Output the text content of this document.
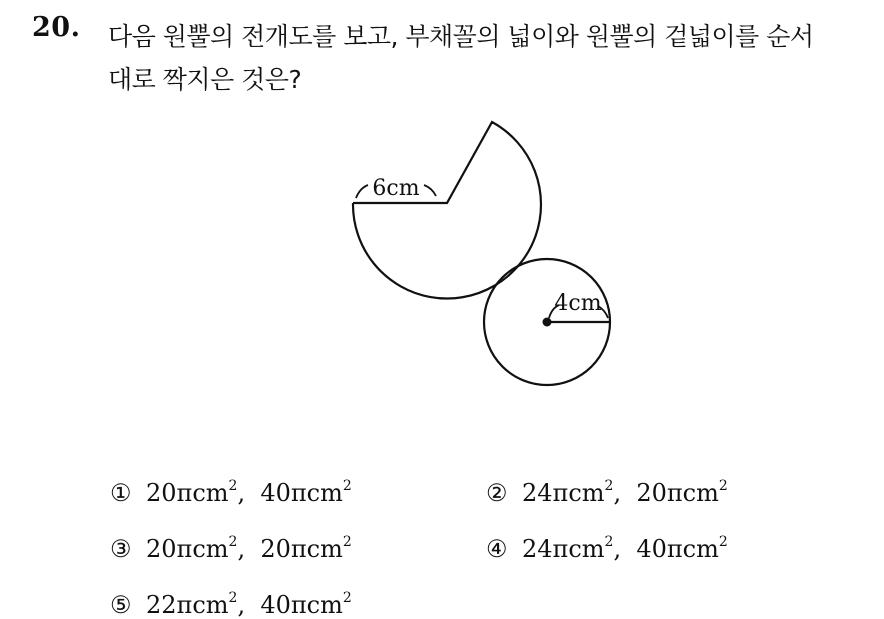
20. 다음 원뿔의 전개도를 보고, 부채꼴의 넓이와 원뿔의 겉넓이를 순서
대로 짝지은 것은?
6cm
4cm
① 20πcm$^2$,  40πcm$^2$	② 24πcm$^2$,  20πcm$^2$
③ 20πcm$^2$,  20πcm$^2$	④ 24πcm$^2$,  40πcm$^2$
⑤ 22πcm$^2$,  40πcm$^2$
